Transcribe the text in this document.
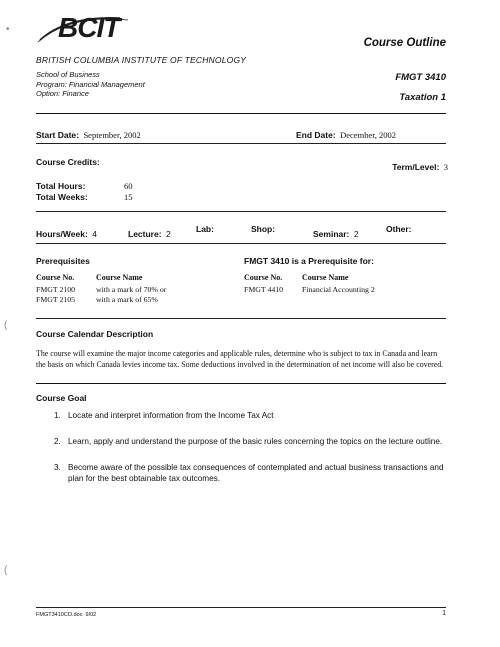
BCIT
BRITISH COLUMBIA INSTITUTE OF TECHNOLOGY
School of Business
Program: Financial Management
Option: Finance
Course Outline
FMGT 3410
Taxation 1
Start Date: September, 2002	End Date: December, 2002
Course Credits:	Term/Level: 3
Total Hours:	60
Total Weeks:	15
Hours/Week: 4	Lecture: 2	Lab:	Shop:	Seminar: 2	Other:
Prerequisites	FMGT 3410 is a Prerequisite for:
Course No.	Course Name	Course No. Course Name
FMGT 2100	with a mark of 70% or
FMGT 2105	with a mark of 65%
FMGT 4410 Financial Accounting 2
Course Calendar Description
The course will examine the major income categories and applicable rules, determine who is subject to tax in Canada and learn the basis on which Canada levies income tax. Some deductions involved in the determination of net income will also be covered.
Course Goal
1. Locate and interpret information from the Income Tax Act
2. Learn, apply and understand the purpose of the basic rules concerning the topics on the lecture outline.
3. Become aware of the possible tax consequences of contemplated and actual business transactions and plan for the best obtainable tax outcomes.
•
(
(
FMGT3410CO.doc 9/02	1
